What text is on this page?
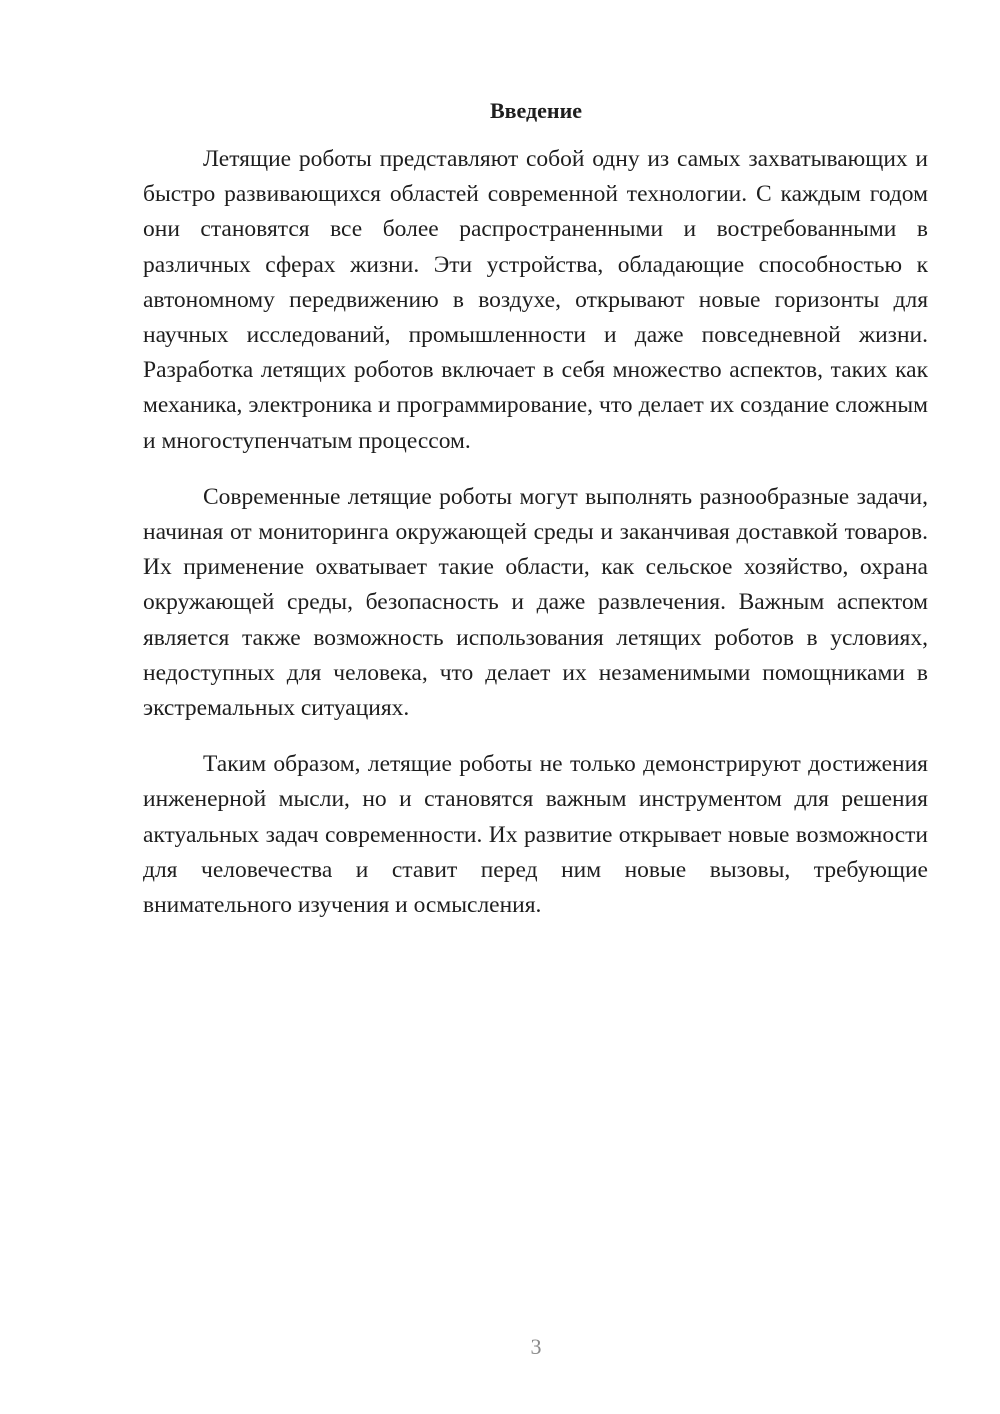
Введение

Летящие роботы представляют собой одну из самых захватывающих и быстро развивающихся областей современной технологии. С каждым годом они становятся все более распространенными и востребованными в различных сферах жизни. Эти устройства, обладающие способностью к автономному передвижению в воздухе, открывают новые горизонты для научных исследований, промышленности и даже повседневной жизни. Разработка летящих роботов включает в себя множество аспектов, таких как механика, электроника и программирование, что делает их создание сложным и многоступенчатым процессом.

Современные летящие роботы могут выполнять разнообразные задачи, начиная от мониторинга окружающей среды и заканчивая доставкой товаров. Их применение охватывает такие области, как сельское хозяйство, охрана окружающей среды, безопасность и даже развлечения. Важным аспектом является также возможность использования летящих роботов в условиях, недоступных для человека, что делает их незаменимыми помощниками в экстремальных ситуациях.

Таким образом, летящие роботы не только демонстрируют достижения инженерной мысли, но и становятся важным инструментом для решения актуальных задач современности. Их развитие открывает новые возможности для человечества и ставит перед ним новые вызовы, требующие внимательного изучения и осмысления.

3
